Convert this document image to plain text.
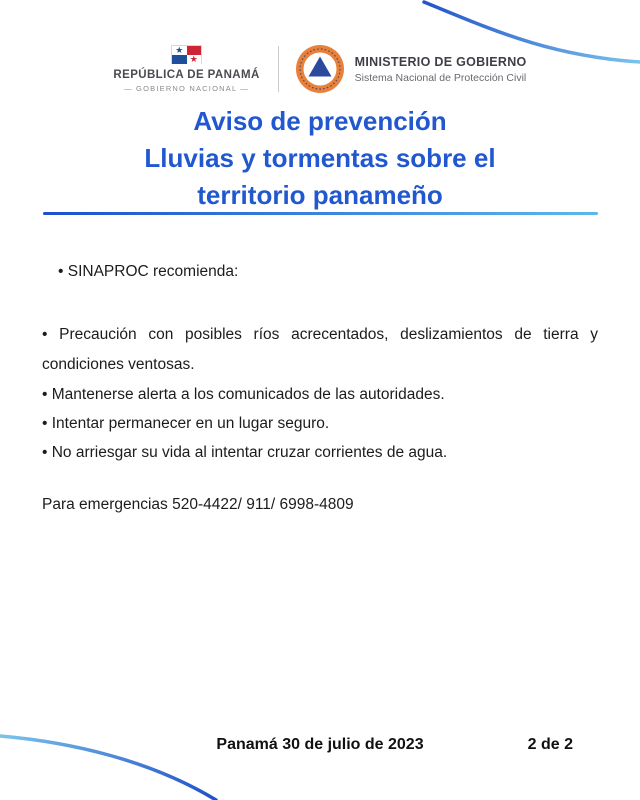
★
★
REPÚBLICA DE PANAMÁ
— GOBIERNO NACIONAL —
MINISTERIO DE GOBIERNO
Sistema Nacional de Protección Civil
Aviso de prevención
Lluvias y tormentas sobre el
territorio panameño
• SINAPROC recomienda:
• Precaución con posibles ríos acrecentados, deslizamientos de tierra y condiciones ventosas.
• Mantenerse alerta a los comunicados de las autoridades.
• Intentar permanecer en un lugar seguro.
• No arriesgar su vida al intentar cruzar corrientes de agua.
Para emergencias 520-4422/ 911/ 6998-4809
Panamá 30 de julio de 2023	2 de 2
